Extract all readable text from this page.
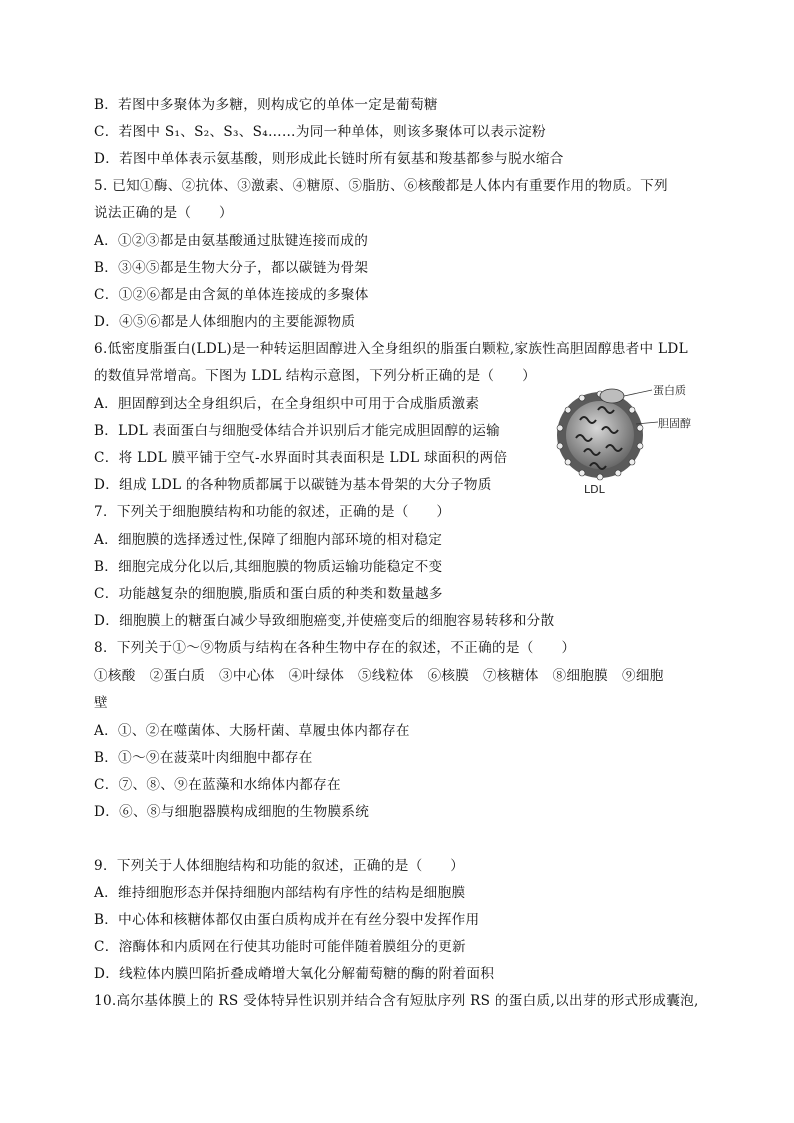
B．若图中多聚体为多糖，则构成它的单体一定是葡萄糖
C．若图中 S₁、S₂、S₃、S₄……为同一种单体，则该多聚体可以表示淀粉
D．若图中单体表示氨基酸，则形成此长链时所有氨基和羧基都参与脱水缩合
5. 已知①酶、②抗体、③激素、④糖原、⑤脂肪、⑥核酸都是人体内有重要作用的物质。下列
说法正确的是（　　）
A．①②③都是由氨基酸通过肽键连接而成的
B．③④⑤都是生物大分子，都以碳链为骨架
C．①②⑥都是由含氮的单体连接成的多聚体
D．④⑤⑥都是人体细胞内的主要能源物质
6.低密度脂蛋白(LDL)是一种转运胆固醇进入全身组织的脂蛋白颗粒,家族性高胆固醇患者中 LDL
的数值异常增高。下图为 LDL 结构示意图，下列分析正确的是（　　）
A．胆固醇到达全身组织后，在全身组织中可用于合成脂质激素
B．LDL 表面蛋白与细胞受体结合并识别后才能完成胆固醇的运输
C．将 LDL 膜平铺于空气-水界面时其表面积是 LDL 球面积的两倍
D．组成 LDL 的各种物质都属于以碳链为基本骨架的大分子物质
7．下列关于细胞膜结构和功能的叙述，正确的是（　　）
A．细胞膜的选择透过性,保障了细胞内部环境的相对稳定
B．细胞完成分化以后,其细胞膜的物质运输功能稳定不变
C．功能越复杂的细胞膜,脂质和蛋白质的种类和数量越多
D．细胞膜上的糖蛋白减少导致细胞癌变,并使癌变后的细胞容易转移和分散
8．下列关于①～⑨物质与结构在各种生物中存在的叙述，不正确的是（　　）
①核酸　②蛋白质　③中心体　④叶绿体　⑤线粒体　⑥核膜　⑦核糖体　⑧细胞膜　⑨细胞
壁
A．①、②在噬菌体、大肠杆菌、草履虫体内都存在
B．①～⑨在菠菜叶肉细胞中都存在
C．⑦、⑧、⑨在蓝藻和水绵体内都存在
D．⑥、⑧与细胞器膜构成细胞的生物膜系统
9．下列关于人体细胞结构和功能的叙述，正确的是（　　）
A．维持细胞形态并保持细胞内部结构有序性的结构是细胞膜
B．中心体和核糖体都仅由蛋白质构成并在有丝分裂中发挥作用
C．溶酶体和内质网在行使其功能时可能伴随着膜组分的更新
D．线粒体内膜凹陷折叠成嵴增大氧化分解葡萄糖的酶的附着面积
10.高尔基体膜上的 RS 受体特异性识别并结合含有短肽序列 RS 的蛋白质,以出芽的形式形成囊泡,
蛋白质
胆固醇
LDL
